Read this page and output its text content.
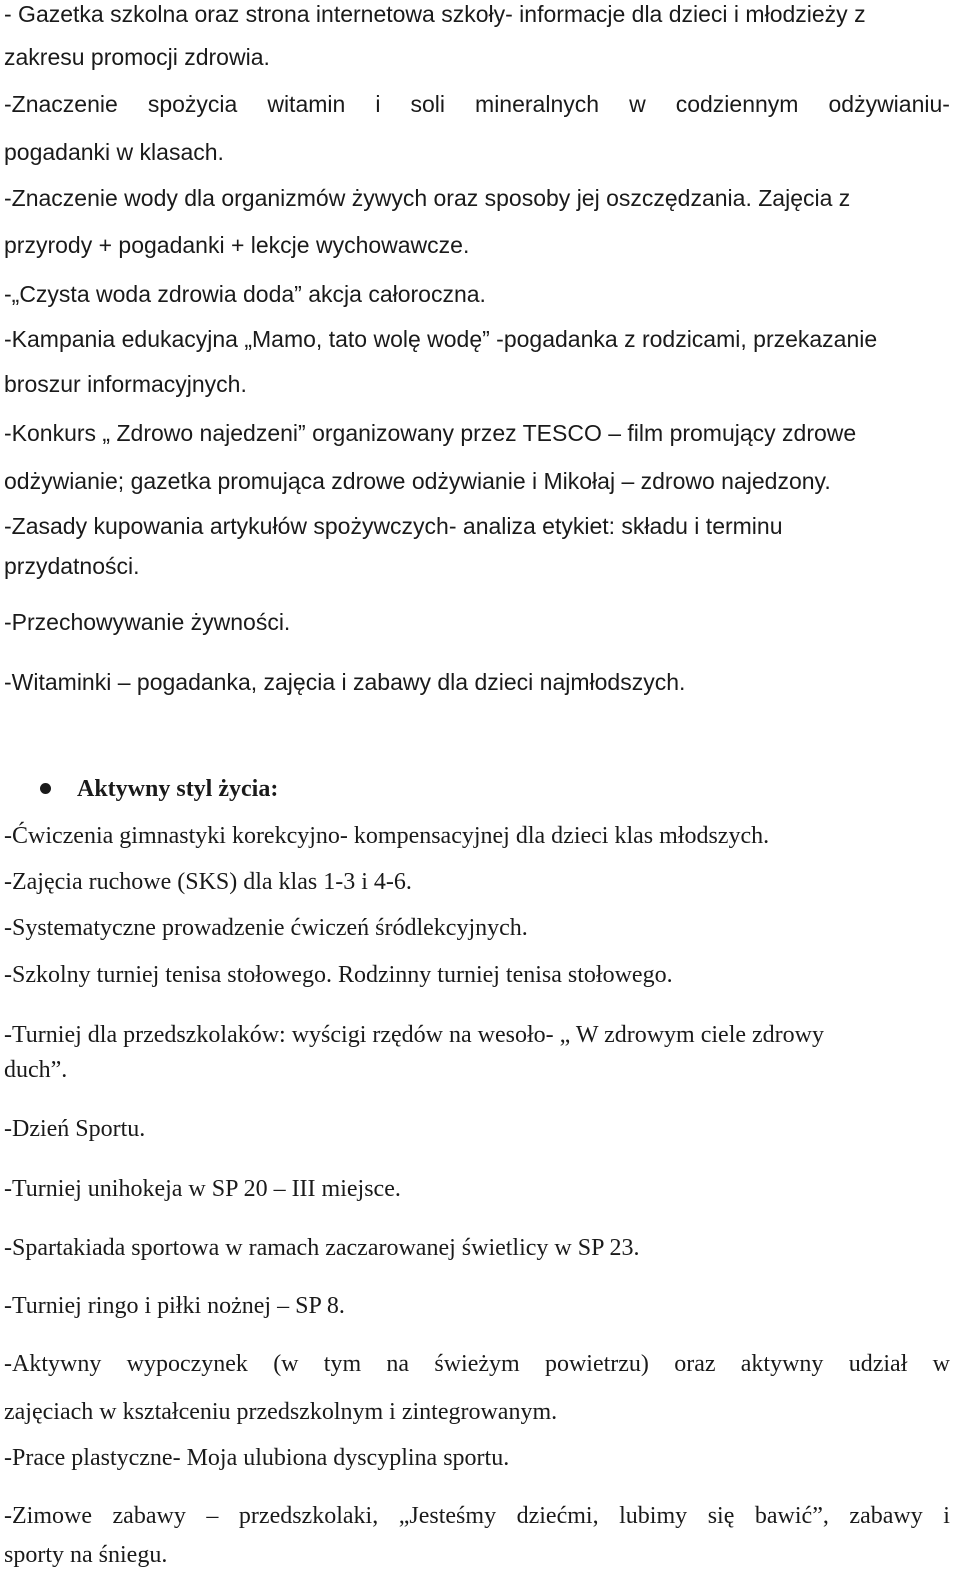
- Gazetka szkolna oraz strona internetowa szkoły- informacje dla dzieci i młodzieży z
zakresu promocji zdrowia.
-Znaczenie spożycia witamin i soli mineralnych w codziennym odżywianiu-
pogadanki w klasach.
-Znaczenie wody dla organizmów żywych oraz sposoby jej oszczędzania. Zajęcia z
przyrody + pogadanki + lekcje wychowawcze.
-„Czysta woda zdrowia doda” akcja całoroczna.
-Kampania edukacyjna „Mamo, tato wolę wodę” -pogadanka z rodzicami, przekazanie
broszur informacyjnych.
-Konkurs „ Zdrowo najedzeni” organizowany przez TESCO – film promujący zdrowe
odżywianie; gazetka promująca zdrowe odżywianie i Mikołaj – zdrowo najedzony.
-Zasady kupowania artykułów spożywczych- analiza etykiet: składu i terminu
przydatności.
-Przechowywanie żywności.
-Witaminki – pogadanka, zajęcia i zabawy dla dzieci najmłodszych.
Aktywny styl życia:
-Ćwiczenia gimnastyki korekcyjno- kompensacyjnej dla dzieci klas młodszych.
-Zajęcia ruchowe (SKS) dla klas 1-3 i 4-6.
-Systematyczne prowadzenie ćwiczeń śródlekcyjnych.
-Szkolny turniej tenisa stołowego. Rodzinny turniej tenisa stołowego.
-Turniej dla przedszkolaków: wyścigi rzędów na wesoło- „ W zdrowym ciele zdrowy
duch”.
-Dzień Sportu.
-Turniej unihokeja w SP 20 – III miejsce.
-Spartakiada sportowa w ramach zaczarowanej świetlicy w SP 23.
-Turniej ringo i piłki nożnej – SP 8.
-Aktywny wypoczynek (w tym na świeżym powietrzu) oraz aktywny udział w
zajęciach w kształceniu przedszkolnym i zintegrowanym.
-Prace plastyczne- Moja ulubiona dyscyplina sportu.
-Zimowe zabawy – przedszkolaki, „Jesteśmy dziećmi, lubimy się bawić”, zabawy i
sporty na śniegu.
